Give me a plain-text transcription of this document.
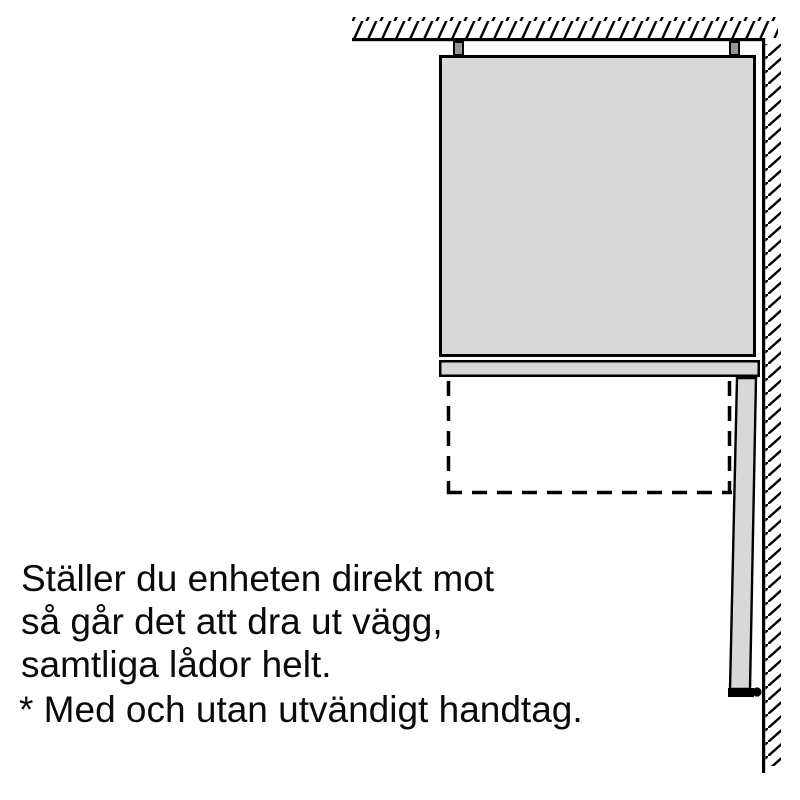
Ställer du enheten direkt mot
så går det att dra ut vägg,
samtliga lådor helt.
* Med och utan utvändigt handtag.
